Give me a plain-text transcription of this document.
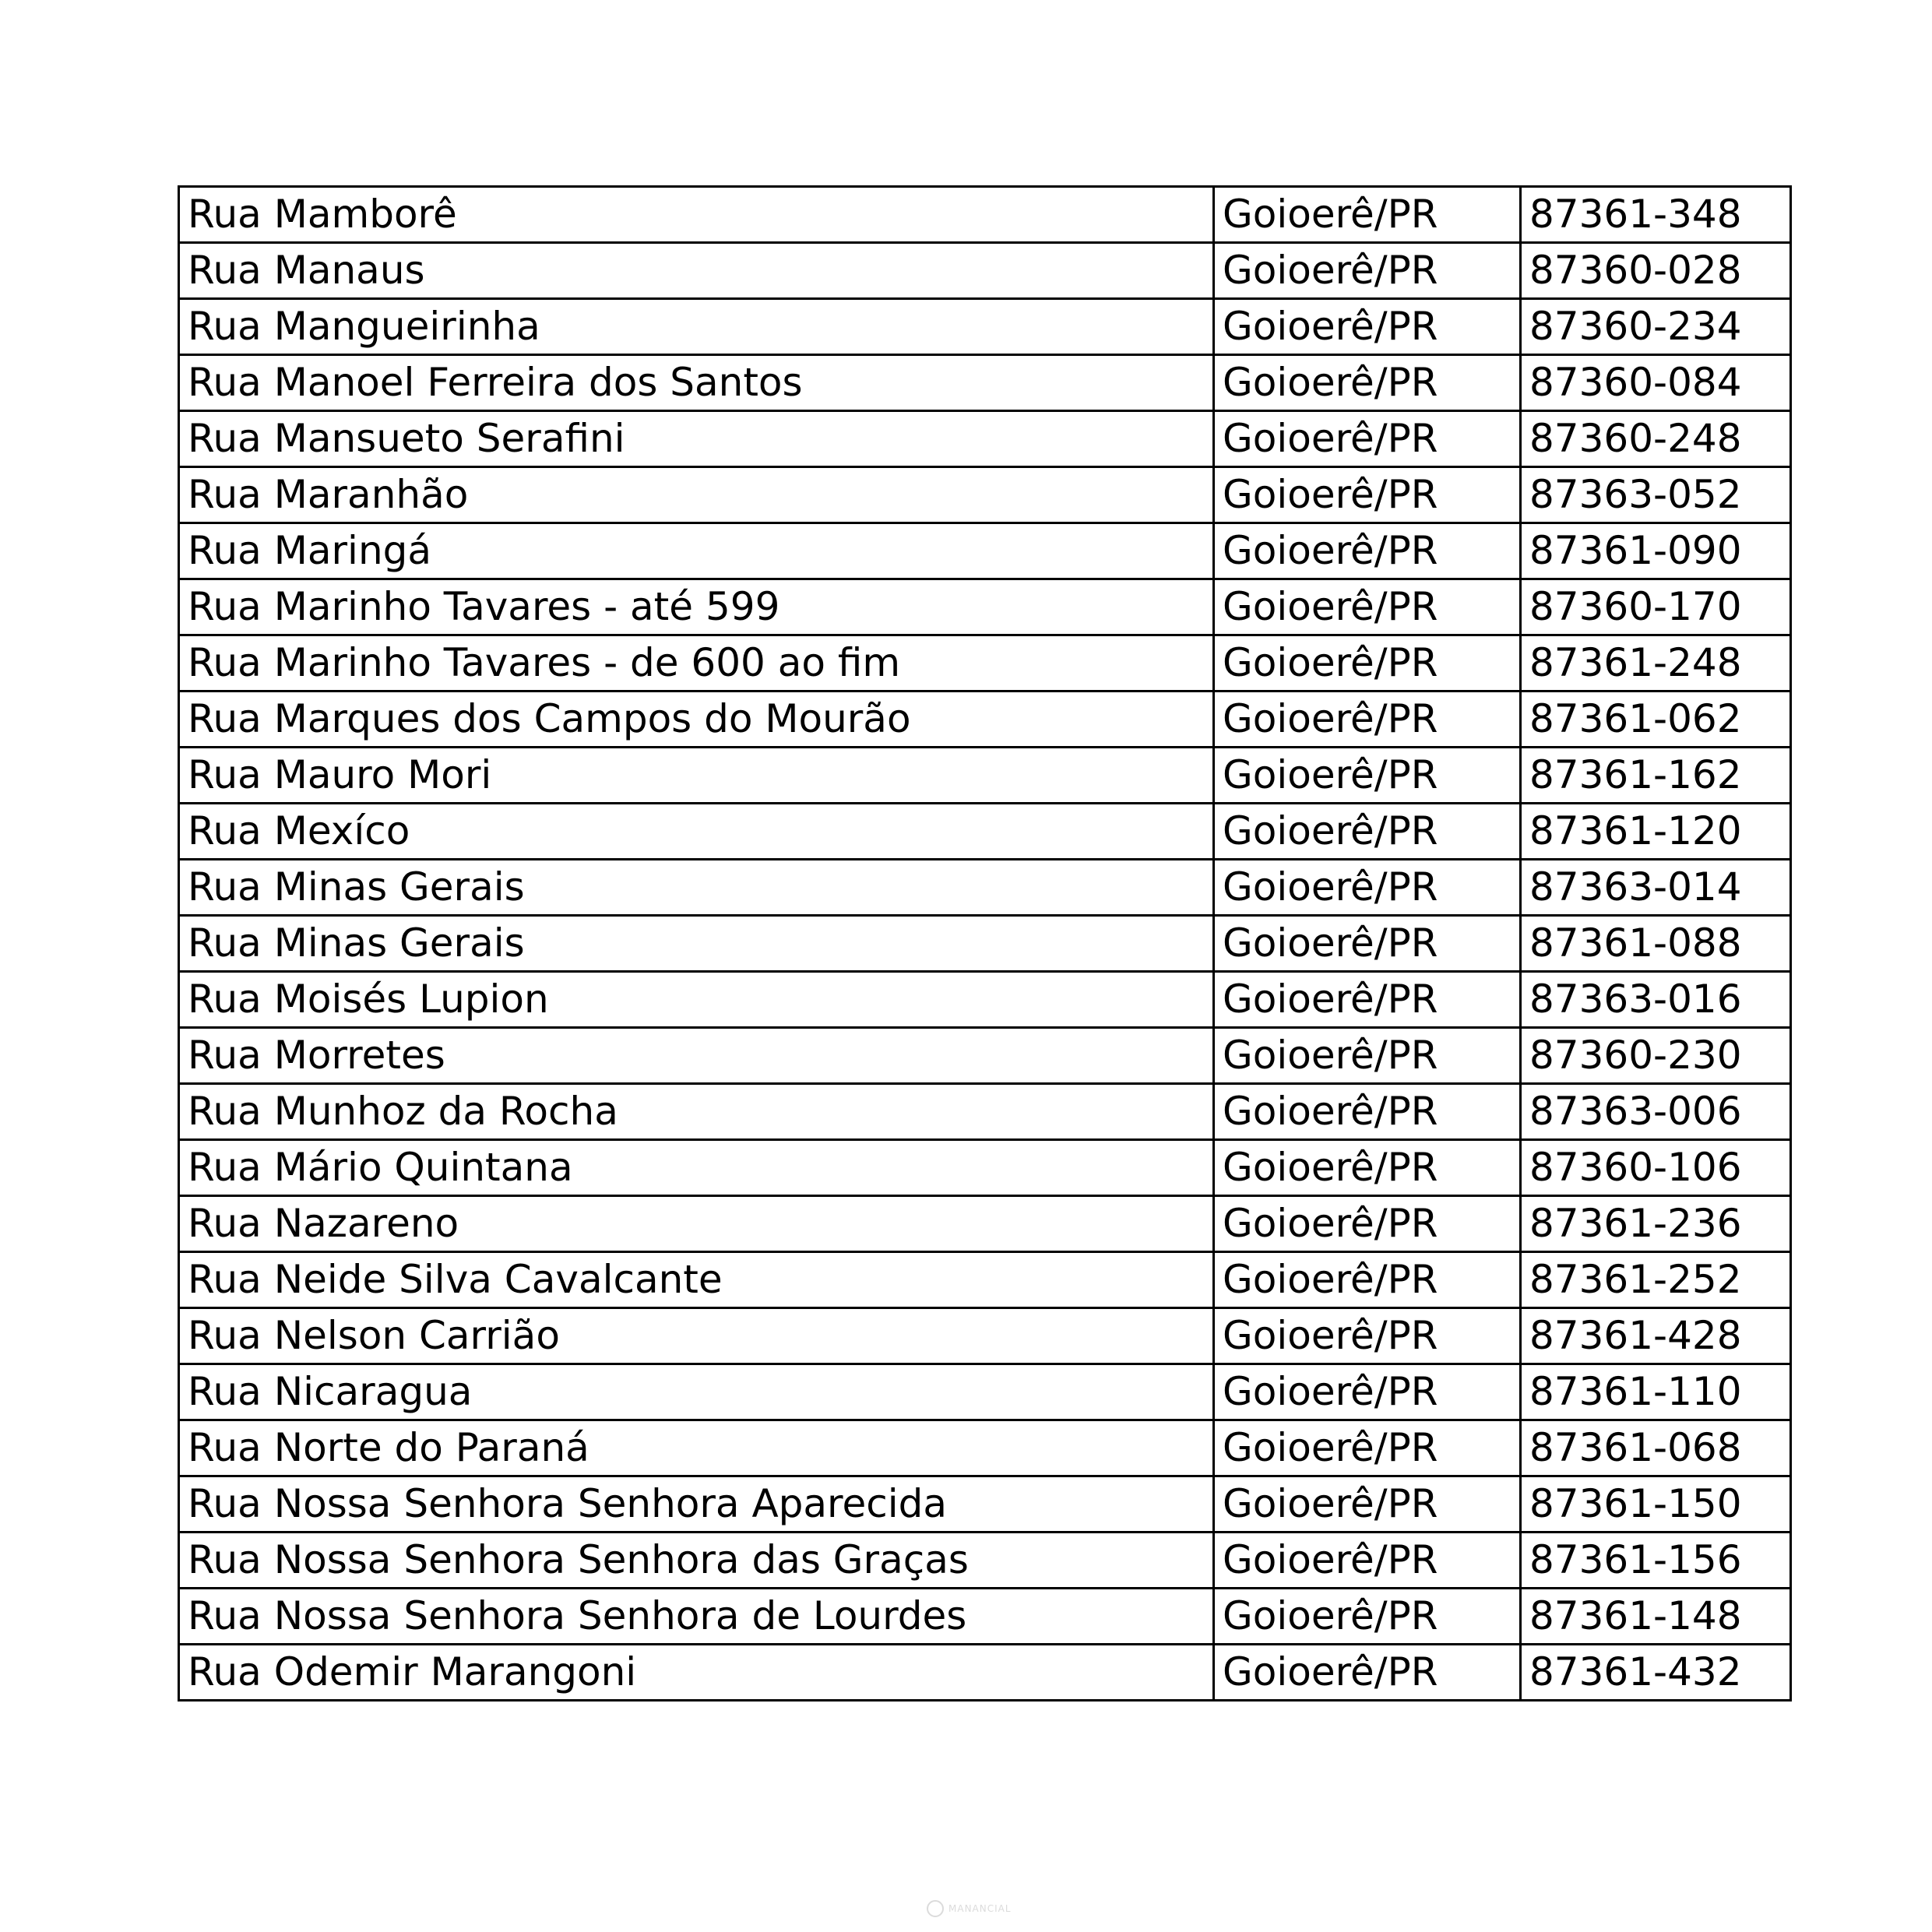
Rua Mamborê	Goioerê/PR	87361-348
Rua Manaus	Goioerê/PR	87360-028
Rua Mangueirinha	Goioerê/PR	87360-234
Rua Manoel Ferreira dos Santos	Goioerê/PR	87360-084
Rua Mansueto Serafini	Goioerê/PR	87360-248
Rua Maranhão	Goioerê/PR	87363-052
Rua Maringá	Goioerê/PR	87361-090
Rua Marinho Tavares - até 599	Goioerê/PR	87360-170
Rua Marinho Tavares - de 600 ao fim	Goioerê/PR	87361-248
Rua Marques dos Campos do Mourão	Goioerê/PR	87361-062
Rua Mauro Mori	Goioerê/PR	87361-162
Rua Mexíco	Goioerê/PR	87361-120
Rua Minas Gerais	Goioerê/PR	87363-014
Rua Minas Gerais	Goioerê/PR	87361-088
Rua Moisés Lupion	Goioerê/PR	87363-016
Rua Morretes	Goioerê/PR	87360-230
Rua Munhoz da Rocha	Goioerê/PR	87363-006
Rua Mário Quintana	Goioerê/PR	87360-106
Rua Nazareno	Goioerê/PR	87361-236
Rua Neide Silva Cavalcante	Goioerê/PR	87361-252
Rua Nelson Carrião	Goioerê/PR	87361-428
Rua Nicaragua	Goioerê/PR	87361-110
Rua Norte do Paraná	Goioerê/PR	87361-068
Rua Nossa Senhora Senhora Aparecida	Goioerê/PR	87361-150
Rua Nossa Senhora Senhora das Graças	Goioerê/PR	87361-156
Rua Nossa Senhora Senhora de Lourdes	Goioerê/PR	87361-148
Rua Odemir Marangoni	Goioerê/PR	87361-432
MANANCIAL
